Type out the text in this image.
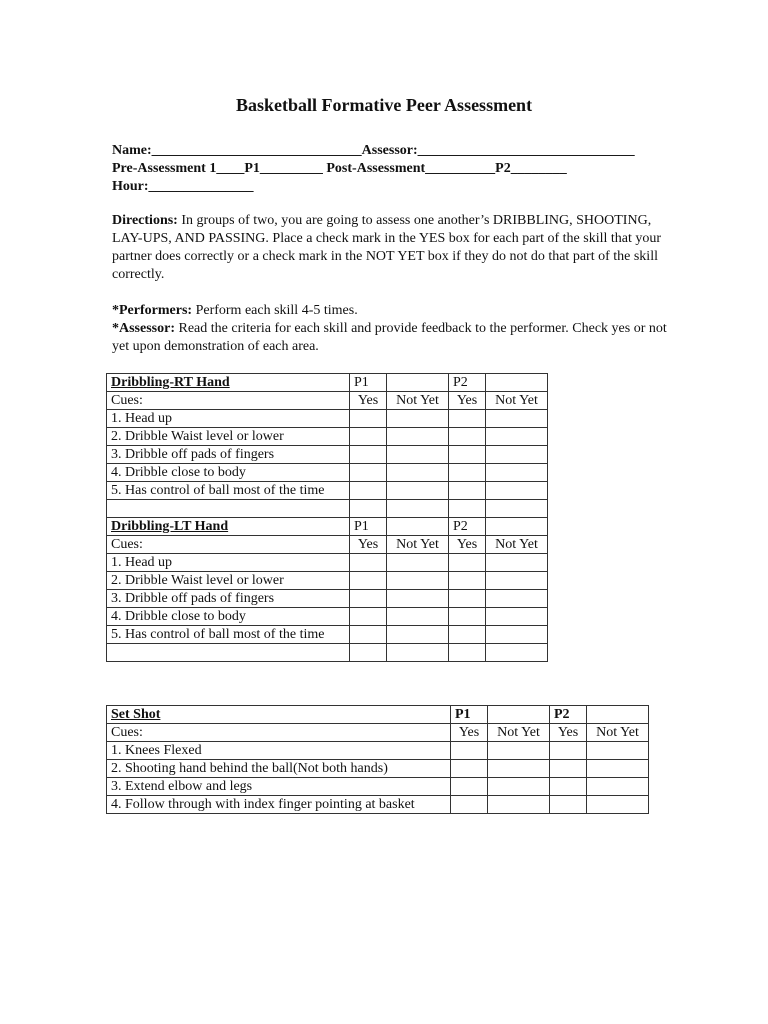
Basketball Formative Peer Assessment
Name:______________________________Assessor:_______________________________
Pre-Assessment 1____P1_________ Post-Assessment__________P2________
Hour:_______________
Directions: In groups of two, you are going to assess one another’s DRIBBLING, SHOOTING, LAY-UPS, AND PASSING. Place a check mark in the YES box for each part of the skill that your partner does correctly or a check mark in the NOT YET box if they do not do that part of the skill correctly.
*Performers: Perform each skill 4-5 times.
*Assessor: Read the criteria for each skill and provide feedback to the performer. Check yes or not yet upon demonstration of each area.
Dribbling-RT Hand	P1		P2	
Cues:	Yes	Not Yet	Yes	Not Yet
1. Head up				
2. Dribble Waist level or lower				
3. Dribble off pads of fingers				
4. Dribble close to body				
5. Has control of ball most of the time				

Dribbling-LT Hand	P1		P2	
Cues:	Yes	Not Yet	Yes	Not Yet
1. Head up				
2. Dribble Waist level or lower				
3. Dribble off pads of fingers				
4. Dribble close to body				
5. Has control of ball most of the time				

Set Shot	P1		P2	
Cues:	Yes	Not Yet	Yes	Not Yet
1. Knees Flexed				
2. Shooting hand behind the ball(Not both hands)				
3. Extend elbow and legs				
4. Follow through with index finger pointing at basket				
